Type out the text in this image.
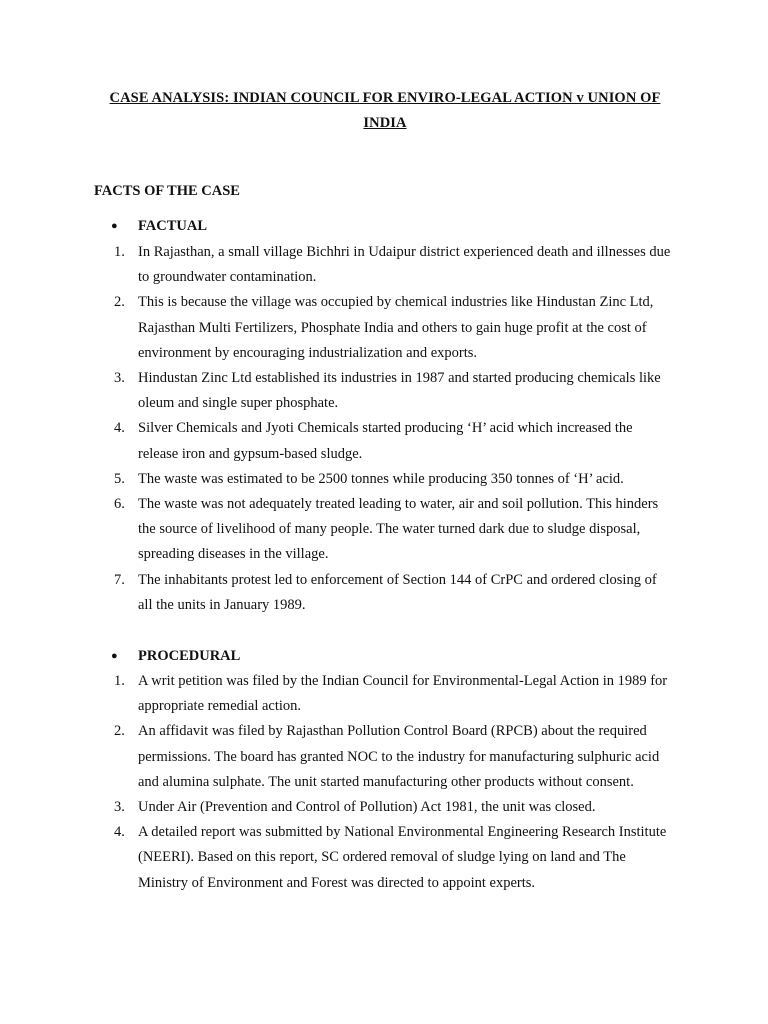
CASE ANALYSIS: INDIAN COUNCIL FOR ENVIRO-LEGAL ACTION v UNION OF INDIA
FACTS OF THE CASE
● FACTUAL
1. In Rajasthan, a small village Bichhri in Udaipur district experienced death and illnesses due to groundwater contamination.
2. This is because the village was occupied by chemical industries like Hindustan Zinc Ltd, Rajasthan Multi Fertilizers, Phosphate India and others to gain huge profit at the cost of environment by encouraging industrialization and exports.
3. Hindustan Zinc Ltd established its industries in 1987 and started producing chemicals like oleum and single super phosphate.
4. Silver Chemicals and Jyoti Chemicals started producing ‘H’ acid which increased the release iron and gypsum-based sludge.
5. The waste was estimated to be 2500 tonnes while producing 350 tonnes of ‘H’ acid.
6. The waste was not adequately treated leading to water, air and soil pollution. This hinders the source of livelihood of many people. The water turned dark due to sludge disposal, spreading diseases in the village.
7. The inhabitants protest led to enforcement of Section 144 of CrPC and ordered closing of all the units in January 1989.
● PROCEDURAL
1. A writ petition was filed by the Indian Council for Environmental-Legal Action in 1989 for appropriate remedial action.
2. An affidavit was filed by Rajasthan Pollution Control Board (RPCB) about the required permissions. The board has granted NOC to the industry for manufacturing sulphuric acid and alumina sulphate. The unit started manufacturing other products without consent.
3. Under Air (Prevention and Control of Pollution) Act 1981, the unit was closed.
4. A detailed report was submitted by National Environmental Engineering Research Institute (NEERI). Based on this report, SC ordered removal of sludge lying on land and The Ministry of Environment and Forest was directed to appoint experts.
